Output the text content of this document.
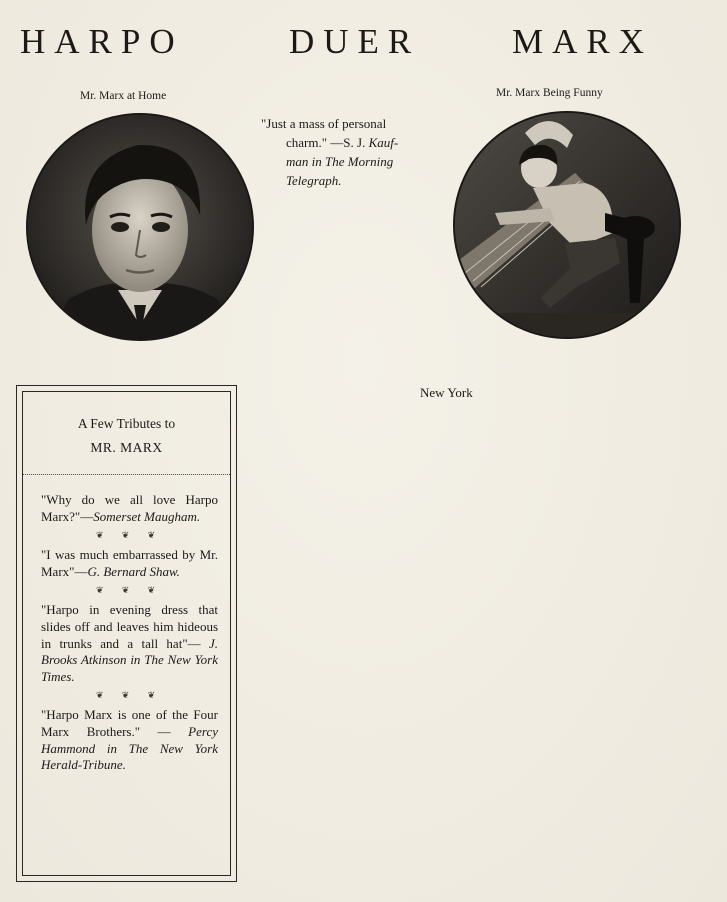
HARPO	DUER	MARX
Mr. Marx at Home	Mr. Marx Being Funny
"Just a mass of personal
charm." —S. J. Kauf-
man in The Morning
Telegraph.
New York
A Few Tributes to
MR. MARX
"Why do we all love Harpo Marx?"—Somerset Maugham.
❦ ❦ ❦
"I was much embarrassed by Mr. Marx"—G. Bernard Shaw.
❦ ❦ ❦
"Harpo in evening dress that slides off and leaves him hideous in trunks and a tall hat"— J. Brooks Atkinson in The New York Times.
❦ ❦ ❦
"Harpo Marx is one of the Four Marx Brothers." — Percy Hammond in The New York Herald-Tribune.
